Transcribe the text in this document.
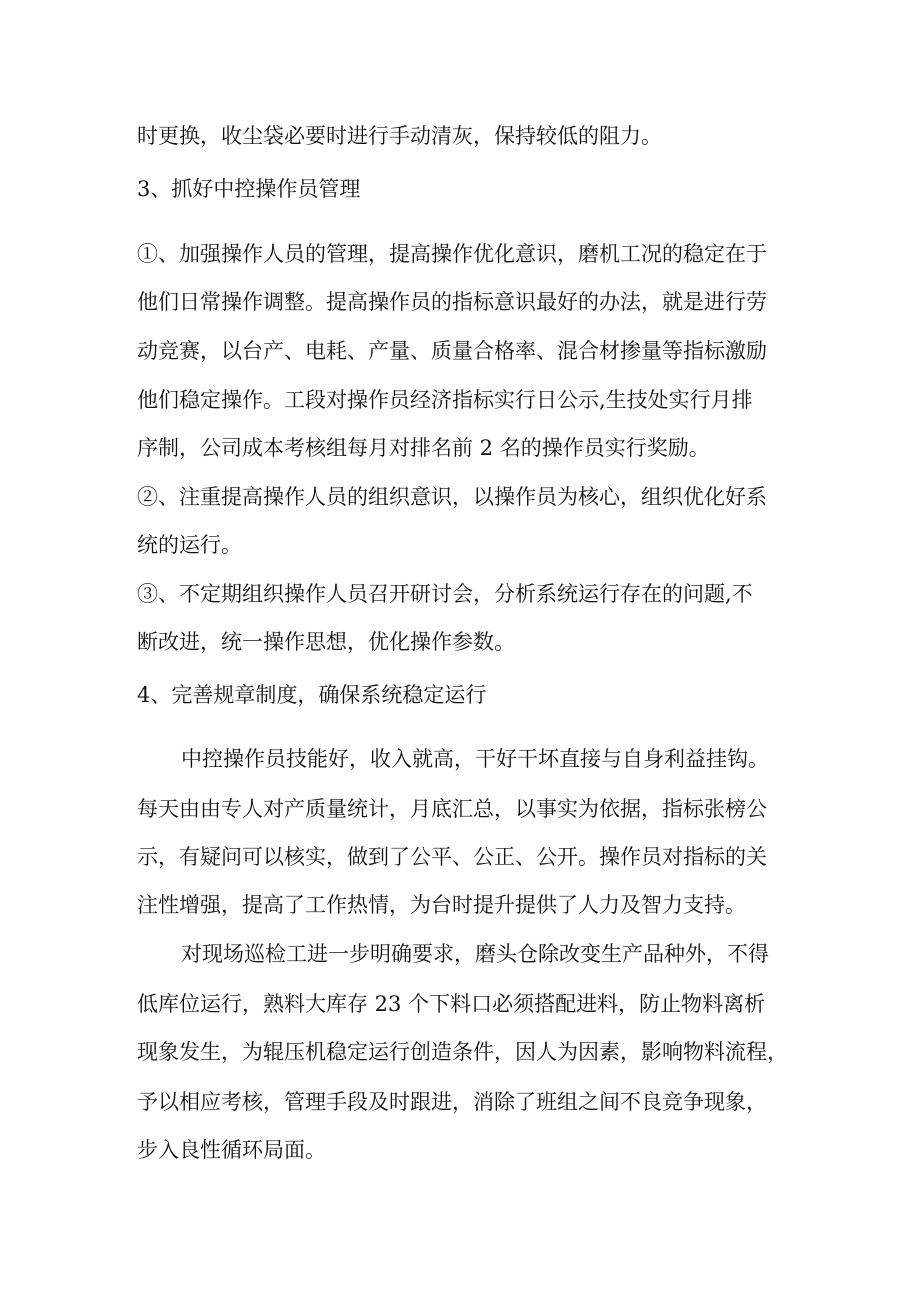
时更换，收尘袋必要时进行手动清灰，保持较低的阻力。
3、抓好中控操作员管理
①、加强操作人员的管理，提高操作优化意识，磨机工况的稳定在于
他们日常操作调整。提高操作员的指标意识最好的办法，就是进行劳
动竞赛，以台产、电耗、产量、质量合格率、混合材掺量等指标激励
他们稳定操作。工段对操作员经济指标实行日公示,生技处实行月排
序制，公司成本考核组每月对排名前 2 名的操作员实行奖励。
②、注重提高操作人员的组织意识，以操作员为核心，组织优化好系
统的运行。
③、不定期组织操作人员召开研讨会，分析系统运行存在的问题,不
断改进，统一操作思想，优化操作参数。
4、完善规章制度，确保系统稳定运行
中控操作员技能好，收入就高，干好干坏直接与自身利益挂钩。
每天由由专人对产质量统计，月底汇总，以事实为依据，指标张榜公
示，有疑问可以核实，做到了公平、公正、公开。操作员对指标的关
注性增强，提高了工作热情，为台时提升提供了人力及智力支持。
对现场巡检工进一步明确要求，磨头仓除改变生产品种外，不得
低库位运行，熟料大库存 23 个下料口必须搭配进料，防止物料离析
现象发生，为辊压机稳定运行创造条件，因人为因素，影响物料流程，
予以相应考核，管理手段及时跟进，消除了班组之间不良竞争现象，
步入良性循环局面。
